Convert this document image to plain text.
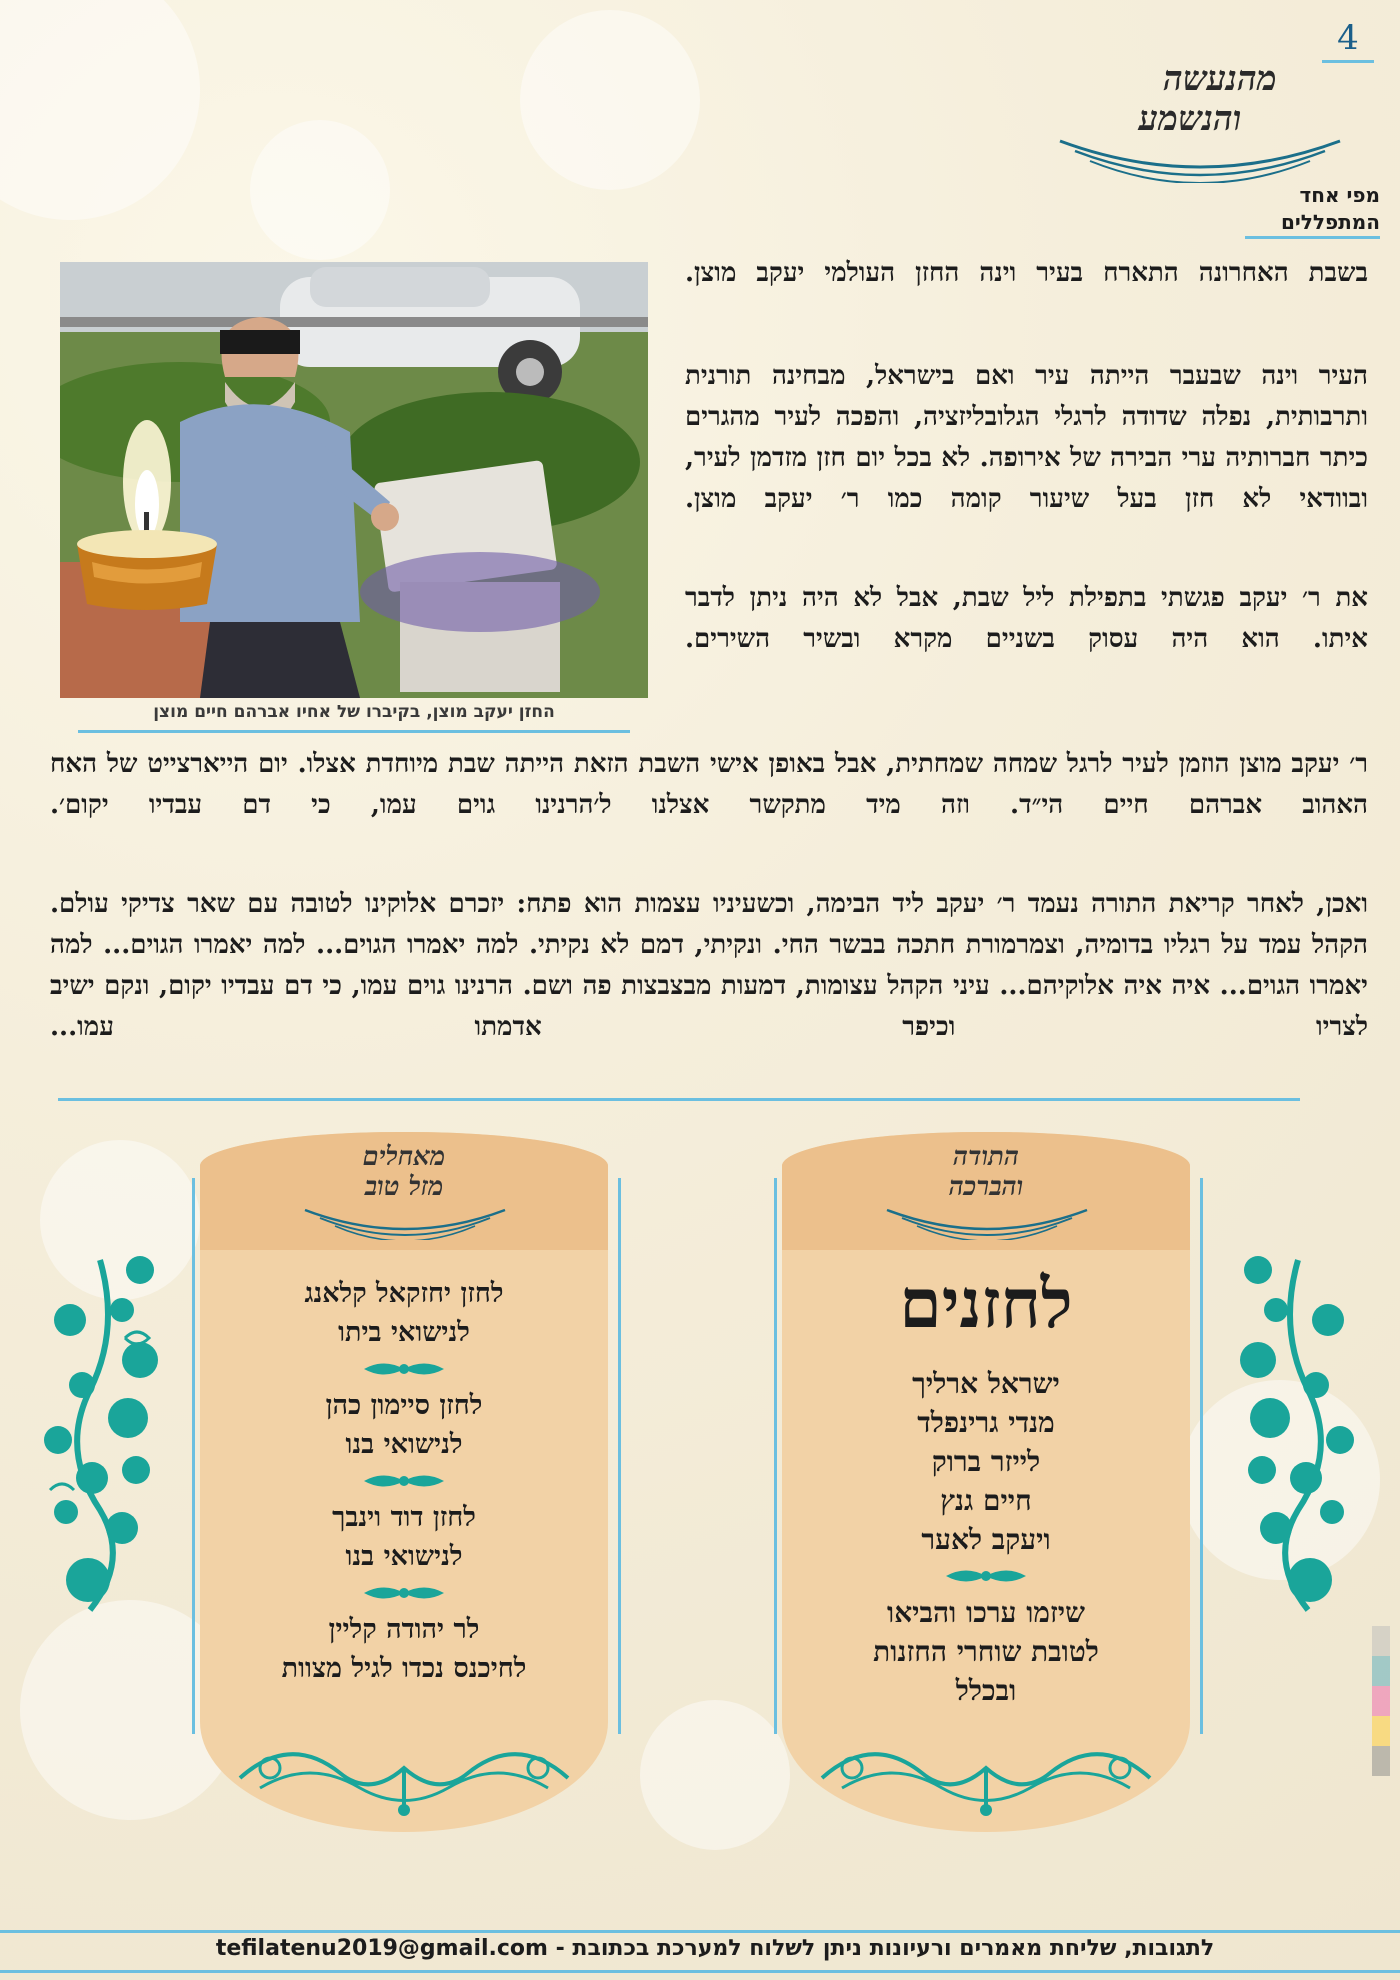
4
מהנעשה
והנשמע
מפי אחד
המתפללים
החזן יעקב מוצן, בקיברו של אחיו אברהם חיים מוצן

בשבת האחרונה התארח בעיר וינה החזן העולמי יעקב מוצן.

העיר וינה שבעבר הייתה עיר ואם בישראל, מבחינה תורנית ותרבותית, נפלה שדודה לרגלי הגלובליזציה, והפכה לעיר מהגרים כיתר חברותיה ערי הבירה של אירופה. לא בכל יום חזן מזדמן לעיר, ובוודאי לא חזן בעל שיעור קומה כמו ר׳ יעקב מוצן.

את ר׳ יעקב פגשתי בתפילת ליל שבת, אבל לא היה ניתן לדבר איתו. הוא היה עסוק בשניים מקרא ובשיר השירים.

ר׳ יעקב מוצן הוזמן לעיר לרגל שמחה שמחתית, אבל באופן אישי השבת הזאת הייתה שבת מיוחדת אצלו. יום הייארצייט של האח האהוב אברהם חיים הי״ד. וזה מיד מתקשר אצלנו ל׳הרנינו גוים עמו, כי דם עבדיו יקום׳.

ואכן, לאחר קריאת התורה נעמד ר׳ יעקב ליד הבימה, וכשעיניו עצמות הוא פתח: יזכרם אלוקינו לטובה עם שאר צדיקי עולם. הקהל עמד על רגליו בדומיה, וצמרמורת חתכה בבשר החי. ונקיתי, דמם לא נקיתי. למה יאמרו הגוים... למה יאמרו הגוים... למה יאמרו הגוים... איה איה אלוקיהם... עיני הקהל עצומות, דמעות מבצבצות פה ושם. הרנינו גוים עמו, כי דם עבדיו יקום, ונקם ישיב לצריו וכיפר אדמתו עמו...

התודה
והברכה
לחזנים
ישראל ארליך
מנדי גרינפלד
לייזר ברוק
חיים גנץ
ויעקב לאער
שיזמו ערכו והביאו
לטובת שוחרי החזנות
ובכלל
מאחלים
מזל טוב
לחזן יחזקאל קלאנג
לנישואי ביתו
לחזן סיימון כהן
לנישואי בנו
לחזן דוד וינבך
לנישואי בנו
לר יהודה קליין
לחיכנס נכדו לגיל מצוות
לתגובות, שליחת מאמרים ורעיונות ניתן לשלוח למערכת בכתובת - tefilatenu2019@gmail.com
